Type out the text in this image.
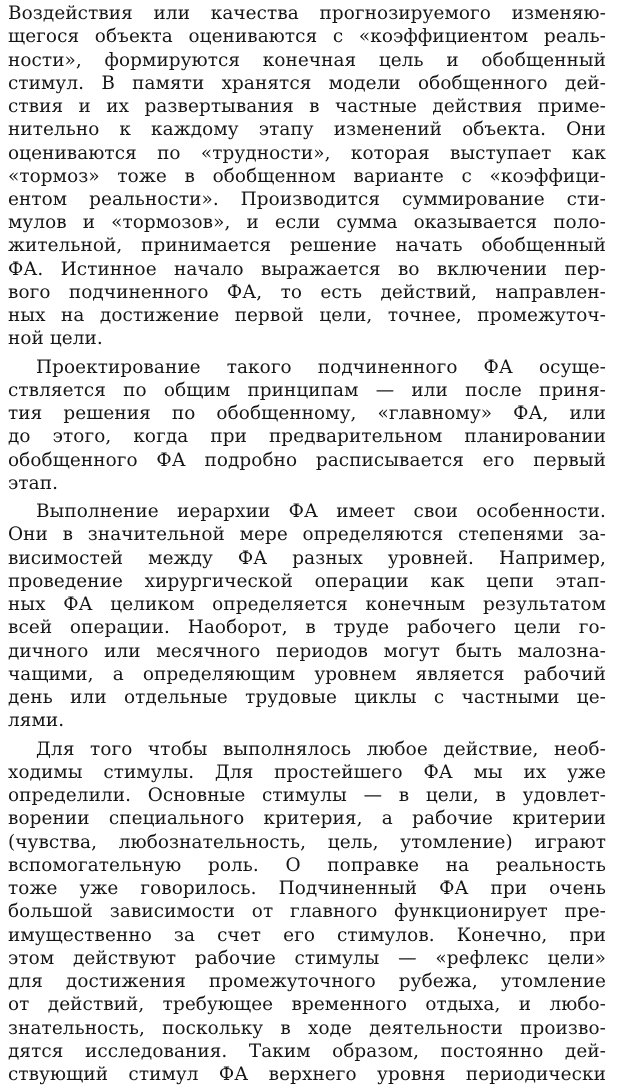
Воздействия или качества прогнозируемого изменяю-
щегося объекта оцениваются с «коэффициентом реаль-
ности», формируются конечная цель и обобщенный
стимул. В памяти хранятся модели обобщенного дей-
ствия и их развертывания в частные действия приме-
нительно к каждому этапу изменений объекта. Они
оцениваются по «трудности», которая выступает как
«тормоз» тоже в обобщенном варианте с «коэффици-
ентом реальности». Производится суммирование сти-
мулов и «тормозов», и если сумма оказывается поло-
жительной, принимается решение начать обобщенный
ФА. Истинное начало выражается во включении пер-
вого подчиненного ФА, то есть действий, направлен-
ных на достижение первой цели, точнее, промежуточ-
ной цели.
Проектирование такого подчиненного ФА осуще-
ствляется по общим принципам — или после приня-
тия решения по обобщенному, «главному» ФА, или
до этого, когда при предварительном планировании
обобщенного ФА подробно расписывается его первый
этап.
Выполнение иерархии ФА имеет свои особенности.
Они в значительной мере определяются степенями за-
висимостей между ФА разных уровней. Например,
проведение хирургической операции как цепи этап-
ных ФА целиком определяется конечным результатом
всей операции. Наоборот, в труде рабочего цели го-
дичного или месячного периодов могут быть малозна-
чащими, а определяющим уровнем является рабочий
день или отдельные трудовые циклы с частными це-
лями.
Для того чтобы выполнялось любое действие, необ-
ходимы стимулы. Для простейшего ФА мы их уже
определили. Основные стимулы — в цели, в удовлет-
ворении специального критерия, а рабочие критерии
(чувства, любознательность, цель, утомление) играют
вспомогательную роль. О поправке на реальность
тоже уже говорилось. Подчиненный ФА при очень
большой зависимости от главного функционирует пре-
имущественно за счет его стимулов. Конечно, при
этом действуют рабочие стимулы — «рефлекс цели»
для достижения промежуточного рубежа, утомление
от действий, требующее временного отдыха, и любо-
знательность, поскольку в ходе деятельности произво-
дятся исследования. Таким образом, постоянно дей-
ствующий стимул ФА верхнего уровня периодически
